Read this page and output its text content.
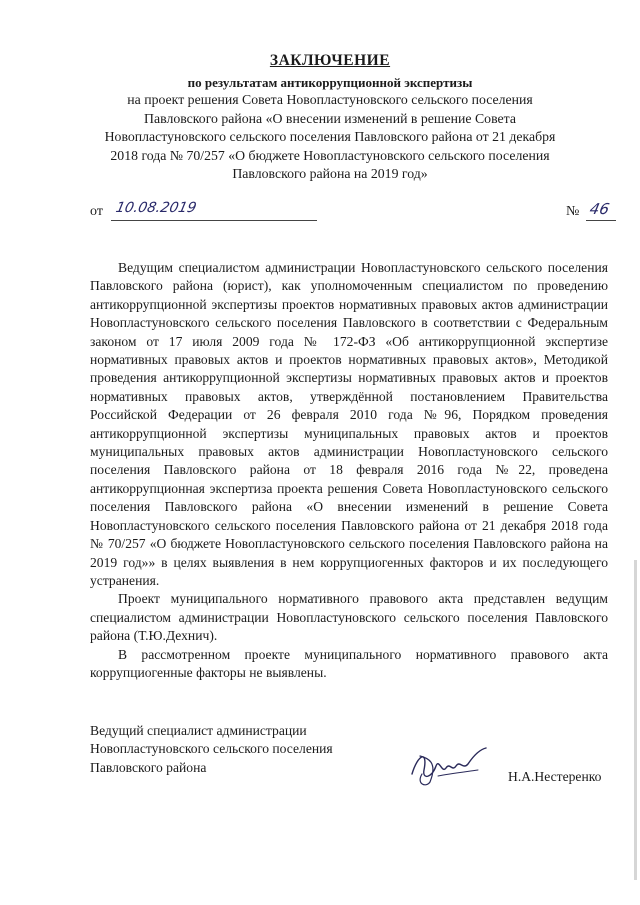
ЗАКЛЮЧЕНИЕ
по результатам антикоррупционной экспертизы
на проект решения Совета Новопластуновского сельского поселения
Павловского района «О внесении изменений в решение Совета
Новопластуновского сельского поселения Павловского района от 21 декабря
2018 года № 70/257 «О бюджете Новопластуновского сельского поселения
Павловского района на 2019 год»
от 10.08.2019	№ 46

Ведущим специалистом администрации Новопластуновского сельского поселения Павловского района (юрист), как уполномоченным специалистом по проведению антикоррупционной экспертизы проектов нормативных правовых актов администрации Новопластуновского сельского поселения Павловского в соответствии с Федеральным законом от 17 июля 2009 года № 172-ФЗ «Об антикоррупционной экспертизе нормативных правовых актов и проектов нормативных правовых актов», Методикой проведения антикоррупционной экспертизы нормативных правовых актов и проектов нормативных правовых актов, утверждённой постановлением Правительства Российской Федерации от 26 февраля 2010 года №96, Порядком проведения антикоррупционной экспертизы муниципальных правовых актов и проектов муниципальных правовых актов администрации Новопластуновского сельского поселения Павловского района от 18 февраля 2016 года №22, проведена антикоррупционная экспертиза проекта решения Совета Новопластуновского сельского поселения Павловского района «О внесении изменений в решение Совета Новопластуновского сельского поселения Павловского района от 21 декабря 2018 года № 70/257 «О бюджете Новопластуновского сельского поселения Павловского района на 2019 год»» в целях выявления в нем коррупциогенных факторов и их последующего устранения.

Проект муниципального нормативного правового акта представлен ведущим специалистом администрации Новопластуновского сельского поселения Павловского района (Т.Ю.Дехнич).

В рассмотренном проекте муниципального нормативного правового акта коррупциогенные факторы не выявлены.

Ведущий специалист администрации
Новопластуновского сельского поселения
Павловского района
Н.А.Нестеренко
